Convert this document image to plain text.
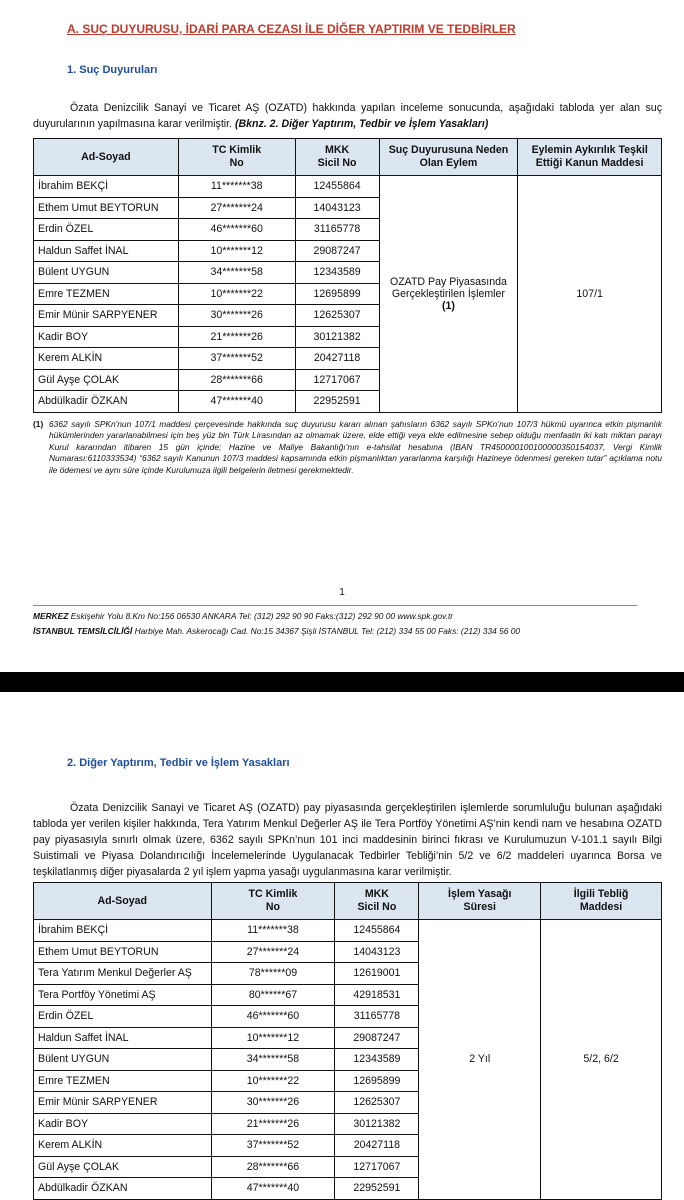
A. SUÇ DUYURUSU, İDARİ PARA CEZASI İLE DİĞER YAPTIRIM VE TEDBİRLER
1. Suç Duyuruları
Özata Denizcilik Sanayi ve Ticaret AŞ (OZATD) hakkında yapılan inceleme sonucunda, aşağıdaki tabloda yer alan suç duyurularının yapılmasına karar verilmiştir. (Bknz. 2. Diğer Yaptırım, Tedbir ve İşlem Yasakları)
Ad-Soyad	TC Kimlik No	MKK Sicil No	Suç Duyurusuna Neden Olan Eylem	Eylemin Aykırılık Teşkil Ettiği Kanun Maddesi
İbrahim BEKÇİ	11*******38	12455864	OZATD Pay Piyasasında Gerçekleştirilen İşlemler
(1)	107/1
Ethem Umut BEYTORUN	27*******24	14043123		
Erdin ÖZEL	46*******60	31165778		
Haldun Saffet İNAL	10*******12	29087247		
Bülent UYGUN	34*******58	12343589		
Emre TEZMEN	10*******22	12695899		
Emir Münir SARPYENER	30*******26	12625307		
Kadir BOY	21*******26	30121382		
Kerem ALKİN	37*******52	20427118		
Gül Ayşe ÇOLAK	28*******66	12717067		
Abdülkadir ÖZKAN	47*******40	22952591		
(1) 6362 sayılı SPKn'nun 107/1 maddesi çerçevesinde hakkında suç duyurusu kararı alınan şahısların 6362 sayılı SPKn’nun 107/3 hükmü uyarınca etkin pişmanlık hükümlerinden yararlanabilmesi için beş yüz bin Türk Lirasından az olmamak üzere, elde ettiği veya elde edilmesine sebep olduğu menfaatin iki katı miktarı parayı Kurul kararından itibaren 15 gün içinde; Hazine ve Maliye Bakanlığı’nın e-tahsilat hesabına (IBAN TR450000100100000350154037, Vergi Kimlik Numarası:6110333534) “6362 sayılı Kanunun 107/3 maddesi kapsamında etkin pişmanlıktan yararlanma karşılığı Hazineye ödenmesi gereken tutar” açıklama notu ile ödemesi ve aynı süre içinde Kurulumuza ilgili belgelerin iletmesi gerekmektedir.
1
MERKEZ Eskişehir Yolu 8.Km No:156 06530 ANKARA Tel: (312) 292 90 90 Faks:(312) 292 90 00 www.spk.gov.tr
İSTANBUL TEMSİLCİLİĞİ Harbiye Mah. Askerocağı Cad. No:15 34367 Şişli İSTANBUL Tel: (212) 334 55 00 Faks: (212) 334 56 00
2. Diğer Yaptırım, Tedbir ve İşlem Yasakları
Özata Denizcilik Sanayi ve Ticaret AŞ (OZATD) pay piyasasında gerçekleştirilen işlemlerde sorumluluğu bulunan aşağıdaki tabloda yer verilen kişiler hakkında, Tera Yatırım Menkul Değerler AŞ ile Tera Portföy Yönetimi AŞ’nin kendi nam ve hesabına OZATD pay piyasasıyla sınırlı olmak üzere, 6362 sayılı SPKn’nun 101 inci maddesinin birinci fıkrası ve Kurulumuzun V-101.1 sayılı Bilgi Suistimali ve Piyasa Dolandırıcılığı İncelemelerinde Uygulanacak Tedbirler Tebliği’nin 5/2 ve 6/2 maddeleri uyarınca Borsa ve teşkilatlanmış diğer piyasalarda 2 yıl işlem yapma yasağı uygulanmasına karar verilmiştir.
Ad-Soyad	TC Kimlik No	MKK Sicil No	İşlem Yasağı Süresi	İlgili Tebliğ Maddesi
İbrahim BEKÇİ	11*******38	12455864	2 Yıl	5/2, 6/2
Ethem Umut BEYTORUN	27*******24	14043123		
Tera Yatırım Menkul Değerler AŞ	78******09	12619001		
Tera Portföy Yönetimi AŞ	80******67	42918531		
Erdin ÖZEL	46*******60	31165778		
Haldun Saffet İNAL	10*******12	29087247		
Bülent UYGUN	34*******58	12343589		
Emre TEZMEN	10*******22	12695899		
Emir Münir SARPYENER	30*******26	12625307		
Kadir BOY	21*******26	30121382		
Kerem ALKİN	37*******52	20427118		
Gül Ayşe ÇOLAK	28*******66	12717067		
Abdülkadir ÖZKAN	47*******40	22952591		
